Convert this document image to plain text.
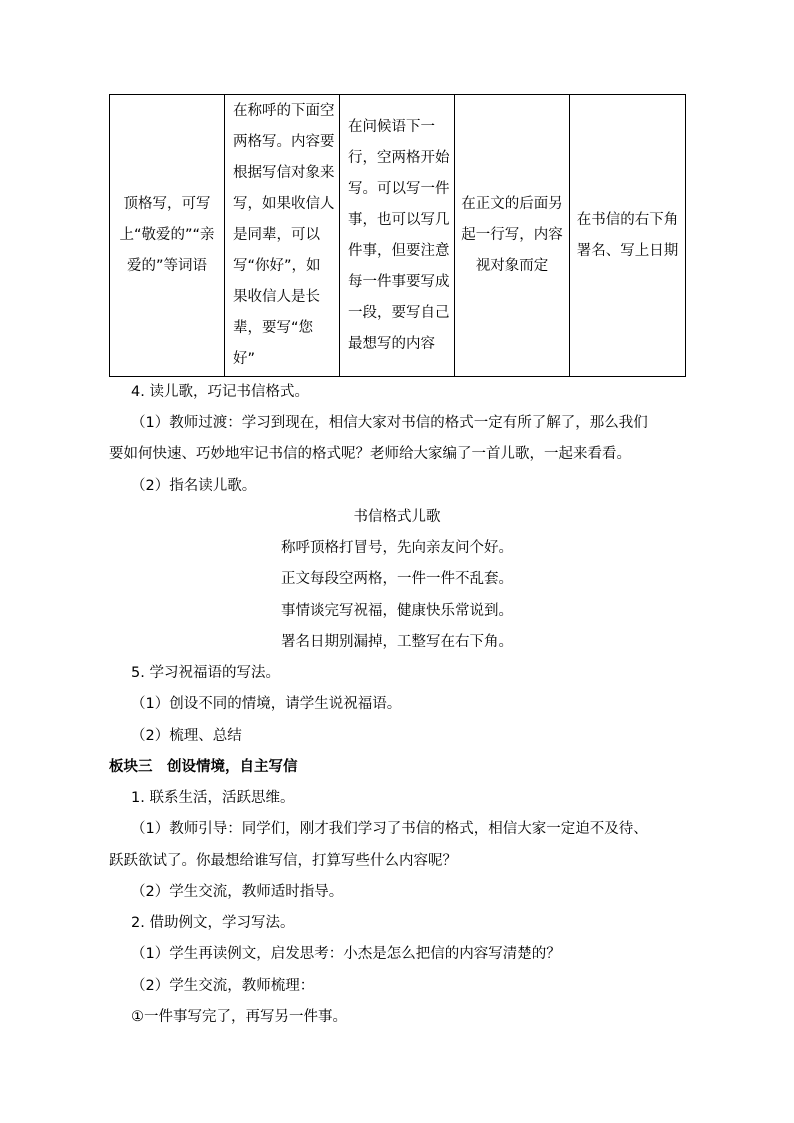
顶格写，可写上“敬爱的”“亲爱的”等词语	在称呼的下面空两格写。内容要根据写信对象来写，如果收信人是同辈，可以写“你好”，如果收信人是长辈，要写“您好”	在问候语下一行，空两格开始写。可以写一件事，也可以写几件事，但要注意每一件事要写成一段，要写自己最想写的内容	在正文的后面另起一行写，内容视对象而定	在书信的右下角署名、写上日期
4. 读儿歌，巧记书信格式。
（1）教师过渡：学习到现在，相信大家对书信的格式一定有所了解了，那么我们
要如何快速、巧妙地牢记书信的格式呢？老师给大家编了一首儿歌，一起来看看。
（2）指名读儿歌。
书信格式儿歌
称呼顶格打冒号，先向亲友问个好。
正文每段空两格，一件一件不乱套。
事情谈完写祝福，健康快乐常说到。
署名日期别漏掉，工整写在右下角。
5. 学习祝福语的写法。
（1）创设不同的情境，请学生说祝福语。
（2）梳理、总结
板块三　创设情境，自主写信
1. 联系生活，活跃思维。
（1）教师引导：同学们，刚才我们学习了书信的格式，相信大家一定迫不及待、
跃跃欲试了。你最想给谁写信，打算写些什么内容呢？
（2）学生交流，教师适时指导。
2. 借助例文，学习写法。
（1）学生再读例文，启发思考：小杰是怎么把信的内容写清楚的？
（2）学生交流，教师梳理：
①一件事写完了，再写另一件事。
